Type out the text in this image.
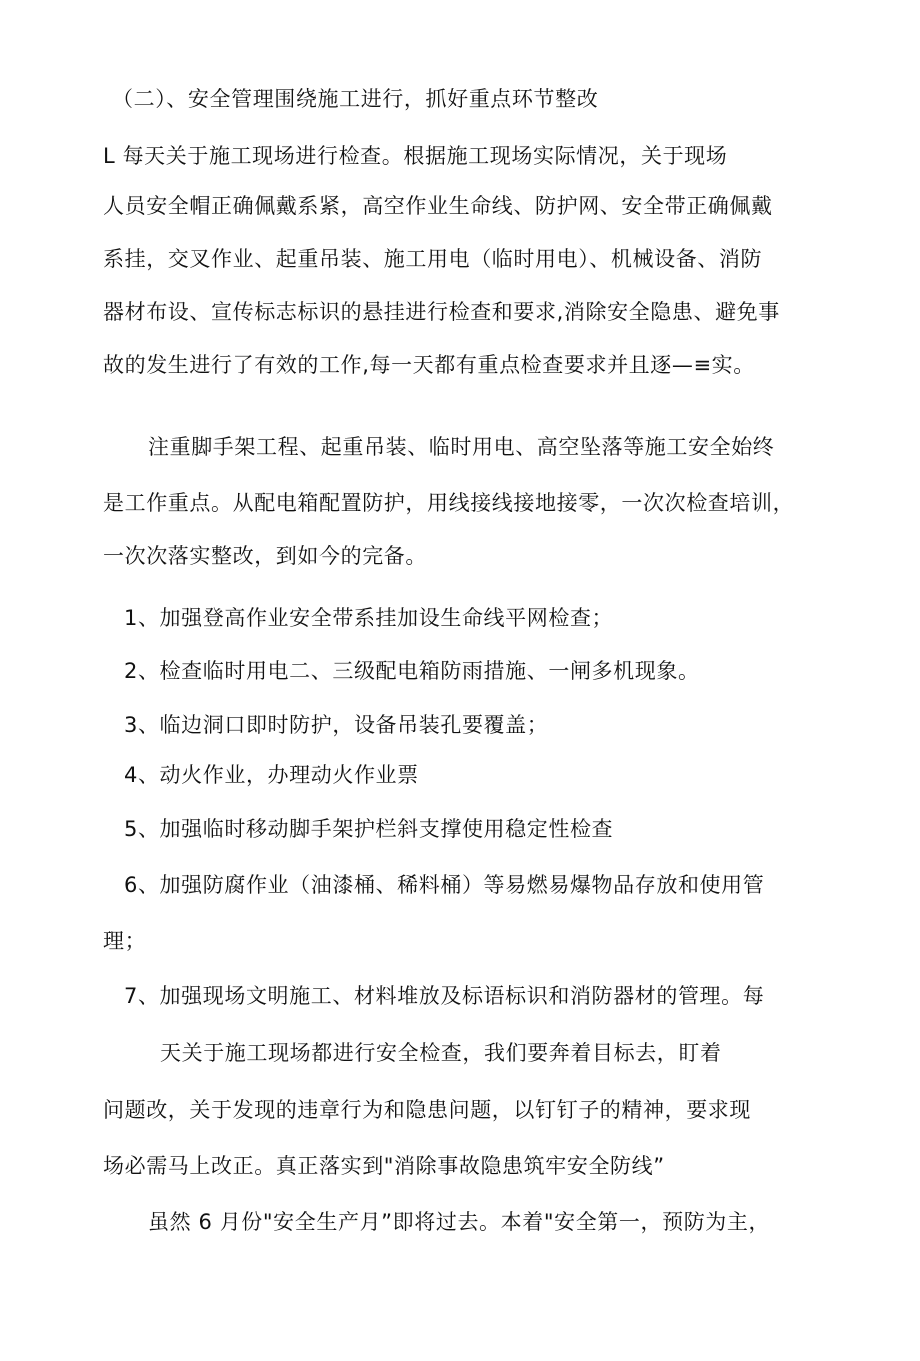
（二）、安全管理围绕施工进行，抓好重点环节整改
L 每天关于施工现场进行检查。根据施工现场实际情况，关于现场
人员安全帽正确佩戴系紧，高空作业生命线、防护网、安全带正确佩戴
系挂，交叉作业、起重吊装、施工用电（临时用电）、机械设备、消防
器材布设、宣传标志标识的悬挂进行检查和要求,消除安全隐患、避免事
故的发生进行了有效的工作,每一天都有重点检查要求并且逐—≡实。
注重脚手架工程、起重吊装、临时用电、高空坠落等施工安全始终
是工作重点。从配电箱配置防护，用线接线接地接零，一次次检查培训，
一次次落实整改，到如今的完备。
1、加强登高作业安全带系挂加设生命线平网检查；
2、检查临时用电二、三级配电箱防雨措施、一闸多机现象。
3、临边洞口即时防护，设备吊装孔要覆盖；
4、动火作业，办理动火作业票
5、加强临时移动脚手架护栏斜支撑使用稳定性检查
6、加强防腐作业（油漆桶、稀料桶）等易燃易爆物品存放和使用管
理；
7、加强现场文明施工、材料堆放及标语标识和消防器材的管理。每
天关于施工现场都进行安全检查，我们要奔着目标去，盯着
问题改，关于发现的违章行为和隐患问题，以钉钉子的精神，要求现
场必需马上改正。真正落实到"消除事故隐患筑牢安全防线”
虽然 6 月份"安全生产月”即将过去。本着"安全第一，预防为主，
